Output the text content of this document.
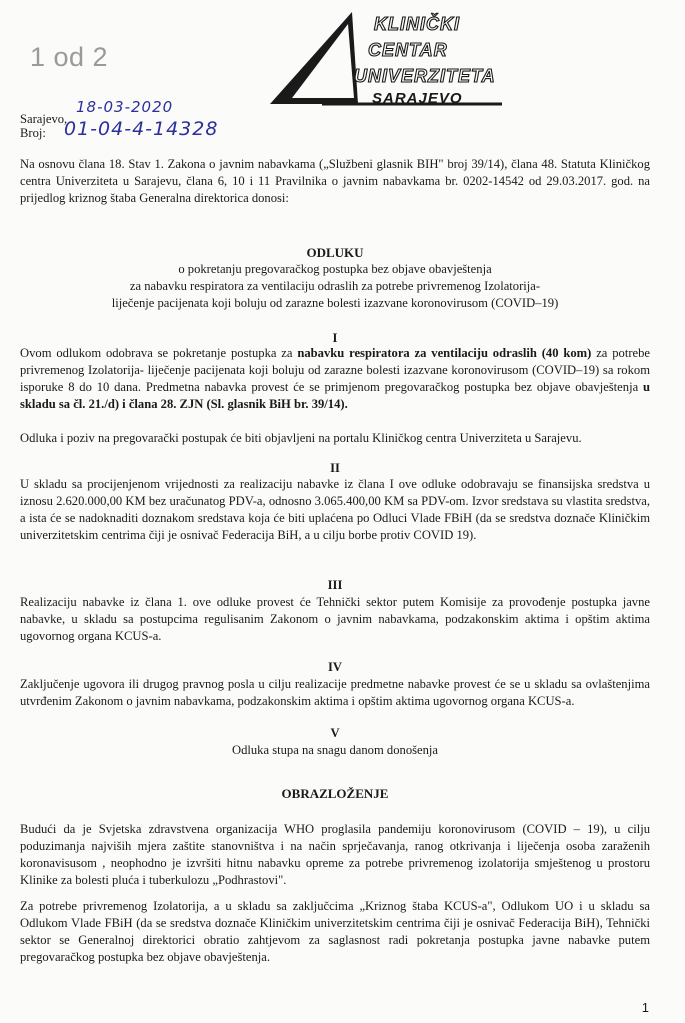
1 od 2
KLINIČKI
CENTAR
UNIVERZITETA
SARAJEVO
Sarajevo,
18-03-2020
Broj: 01-04-4-14328
Na osnovu člana 18. Stav 1. Zakona o javnim nabavkama („Službeni glasnik BIH" broj 39/14), člana 48. Statuta Kliničkog centra Univerziteta u Sarajevu, člana 6, 10 i 11 Pravilnika o javnim nabavkama br. 0202-14542 od 29.03.2017. god. na prijedlog kriznog štaba Generalna direktorica donosi:
ODLUKU
o pokretanju pregovaračkog postupka bez objave obavještenja
za nabavku respiratora za ventilaciju odraslih za potrebe privremenog Izolatorija-
liječenje pacijenata koji boluju od zarazne bolesti izazvane koronovirusom (COVID–19)
I
Ovom odlukom odobrava se pokretanje postupka za nabavku respiratora za ventilaciju odraslih (40 kom) za potrebe privremenog Izolatorija- liječenje pacijenata koji boluju od zarazne bolesti izazvane koronovirusom (COVID–19) sa rokom isporuke 8 do 10 dana. Predmetna nabavka provest će se primjenom pregovaračkog postupka bez objave obavještenja u skladu sa čl. 21./d) i člana 28. ZJN (Sl. glasnik BiH br. 39/14).
Odluka i poziv na pregovarački postupak će biti objavljeni na portalu Kliničkog centra Univerziteta u Sarajevu.
II
U skladu sa procijenjenom vrijednosti za realizaciju nabavke iz člana I ove odluke odobravaju se finansijska sredstva u iznosu 2.620.000,00 KM bez uračunatog PDV-a, odnosno 3.065.400,00 KM sa PDV-om. Izvor sredstava su vlastita sredstva, a ista će se nadoknaditi doznakom sredstava koja će biti uplaćena po Odluci Vlade FBiH (da se sredstva doznače Kliničkim univerzitetskim centrima čiji je osnivač Federacija BiH, a u cilju borbe protiv COVID 19).
III
Realizaciju nabavke iz člana 1. ove odluke provest će Tehnički sektor putem Komisije za provođenje postupka javne nabavke, u skladu sa postupcima regulisanim Zakonom o javnim nabavkama, podzakonskim aktima i opštim aktima ugovornog organa KCUS-a.
IV
Zaključenje ugovora ili drugog pravnog posla u cilju realizacije predmetne nabavke provest će se u skladu sa ovlaštenjima utvrđenim Zakonom o javnim nabavkama, podzakonskim aktima i opštim aktima ugovornog organa KCUS-a.
V
Odluka stupa na snagu danom donošenja
OBRAZLOŽENJE
Budući da je Svjetska zdravstvena organizacija WHO proglasila pandemiju koronovirusom (COVID – 19), u cilju poduzimanja najviših mjera zaštite stanovništva i na način sprječavanja, ranog otkrivanja i liječenja osoba zaraženih koronavisusom , neophodno je izvršiti hitnu nabavku opreme za potrebe privremenog izolatorija smještenog u prostoru Klinike za bolesti pluća i tuberkulozu „Podhrastovi".
Za potrebe privremenog Izolatorija, a u skladu sa zaključcima „Kriznog štaba KCUS-a", Odlukom UO i u skladu sa Odlukom Vlade FBiH (da se sredstva doznače Kliničkim univerzitetskim centrima čiji je osnivač Federacija BiH), Tehnički sektor se Generalnoj direktorici obratio zahtjevom za saglasnost radi pokretanja postupka javne nabavke putem pregovaračkog postupka bez objave obavještenja.
1
